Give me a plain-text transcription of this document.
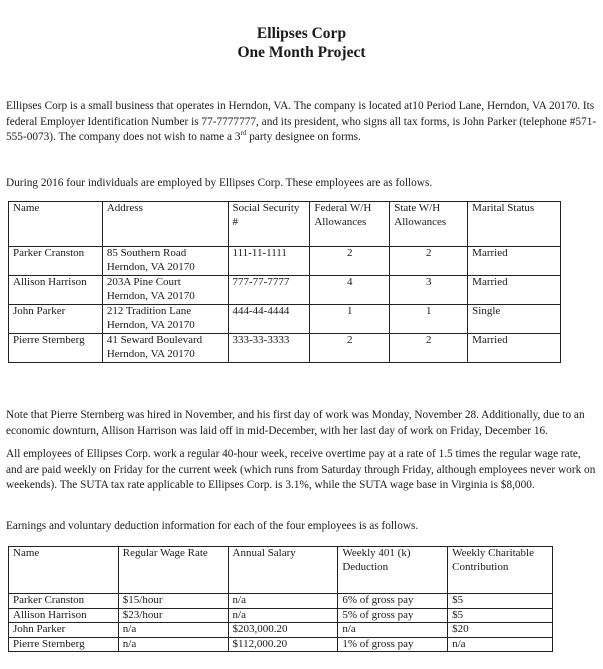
Ellipses Corp
One Month Project
Ellipses Corp is a small business that operates in Herndon, VA. The company is located at10 Period Lane, Herndon, VA 20170. Its federal Employer Identification Number is 77-7777777, and its president, who signs all tax forms, is John Parker (telephone #571-555-0073). The company does not wish to name a 3rd party designee on forms.
During 2016 four individuals are employed by Ellipses Corp. These employees are as follows.
Name	Address	Social Security #	Federal W/H Allowances	State W/H Allowances	Marital Status
Parker Cranston	85 Southern Road Herndon, VA 20170	111-11-1111	2	2	Married
Allison Harrison	203A Pine Court Herndon, VA 20170	777-77-7777	4	3	Married
John Parker	212 Tradition Lane Herndon, VA 20170	444-44-4444	1	1	Single
Pierre Sternberg	41 Seward Boulevard Herndon, VA 20170	333-33-3333	2	2	Married
Note that Pierre Sternberg was hired in November, and his first day of work was Monday, November 28. Additionally, due to an economic downturn, Allison Harrison was laid off in mid-December, with her last day of work on Friday, December 16.
All employees of Ellipses Corp. work a regular 40-hour week, receive overtime pay at a rate of 1.5 times the regular wage rate, and are paid weekly on Friday for the current week (which runs from Saturday through Friday, although employees never work on weekends). The SUTA tax rate applicable to Ellipses Corp. is 3.1%, while the SUTA wage base in Virginia is $8,000.
Earnings and voluntary deduction information for each of the four employees is as follows.
Name	Regular Wage Rate	Annual Salary	Weekly 401 (k) Deduction	Weekly Charitable Contribution
Parker Cranston	$15/hour	n/a	6% of gross pay	$5
Allison Harrison	$23/hour	n/a	5% of gross pay	$5
John Parker	n/a	$203,000.20	n/a	$20
Pierre Sternberg	n/a	$112,000.20	1% of gross pay	n/a
